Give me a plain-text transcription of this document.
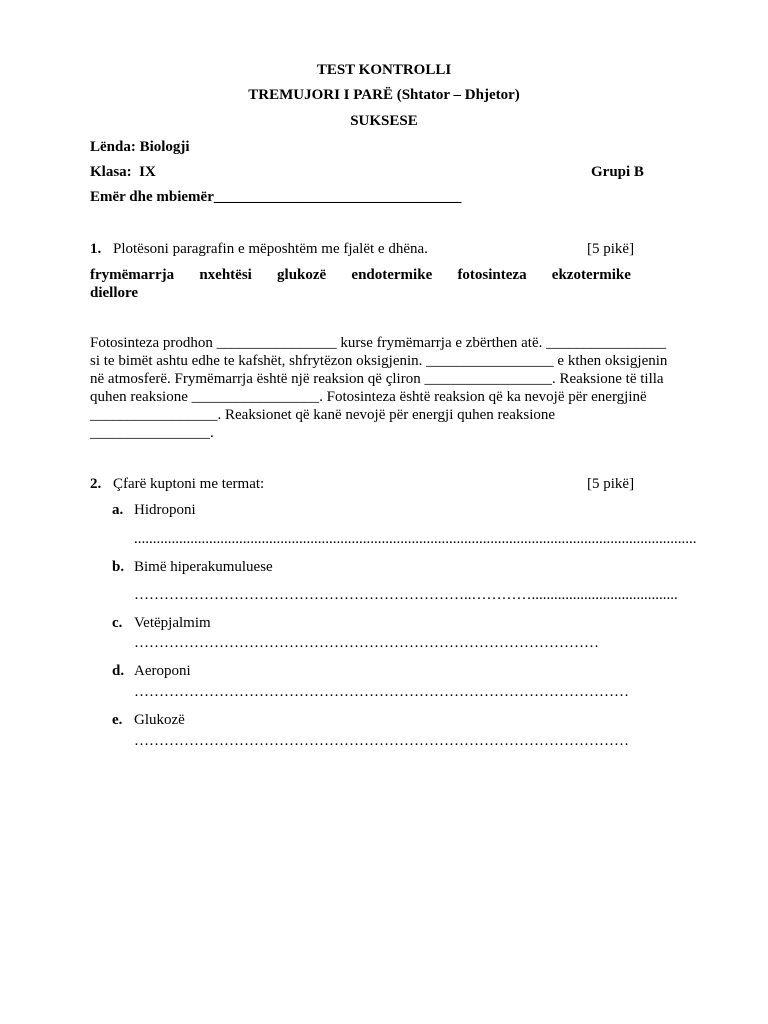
TEST KONTROLLI
TREMUJORI I PARË (Shtator – Dhjetor)
SUKSESE
Lënda: Biologji
Klasa: IX	Grupi B
Emër dhe mbiemër_________________________________
1. Plotësoni paragrafin e mëposhtëm me fjalët e dhëna.	[5 pikë]
frymëmarrja nxehtësi glukozë endotermike fotosinteza ekzotermike
diellore
Fotosinteza prodhon ________________ kurse frymëmarrja e zbërthen atë. ________________
si te bimët ashtu edhe te kafshët, shfrytëzon oksigjenin. _________________ e kthen oksigjenin
në atmosferë. Frymëmarrja është një reaksion që çliron _________________. Reaksione të tilla
quhen reaksione _________________. Fotosinteza është reaksion që ka nevojë për energjinë
_________________. Reaksionet që kanë nevojë për energji quhen reaksione
________________.
2. Çfarë kuptoni me termat:	[5 pikë]
a. Hidroponi
......................................................................................................................................................
b. Bimë hiperakumuluese
…………………………………………………………..………….......................................
c. Vetëpjalmim
…………………………………………………………………………………
d. Aeroponi
………………………………………………………………………………………
e. Glukozë
………………………………………………………………………………………
